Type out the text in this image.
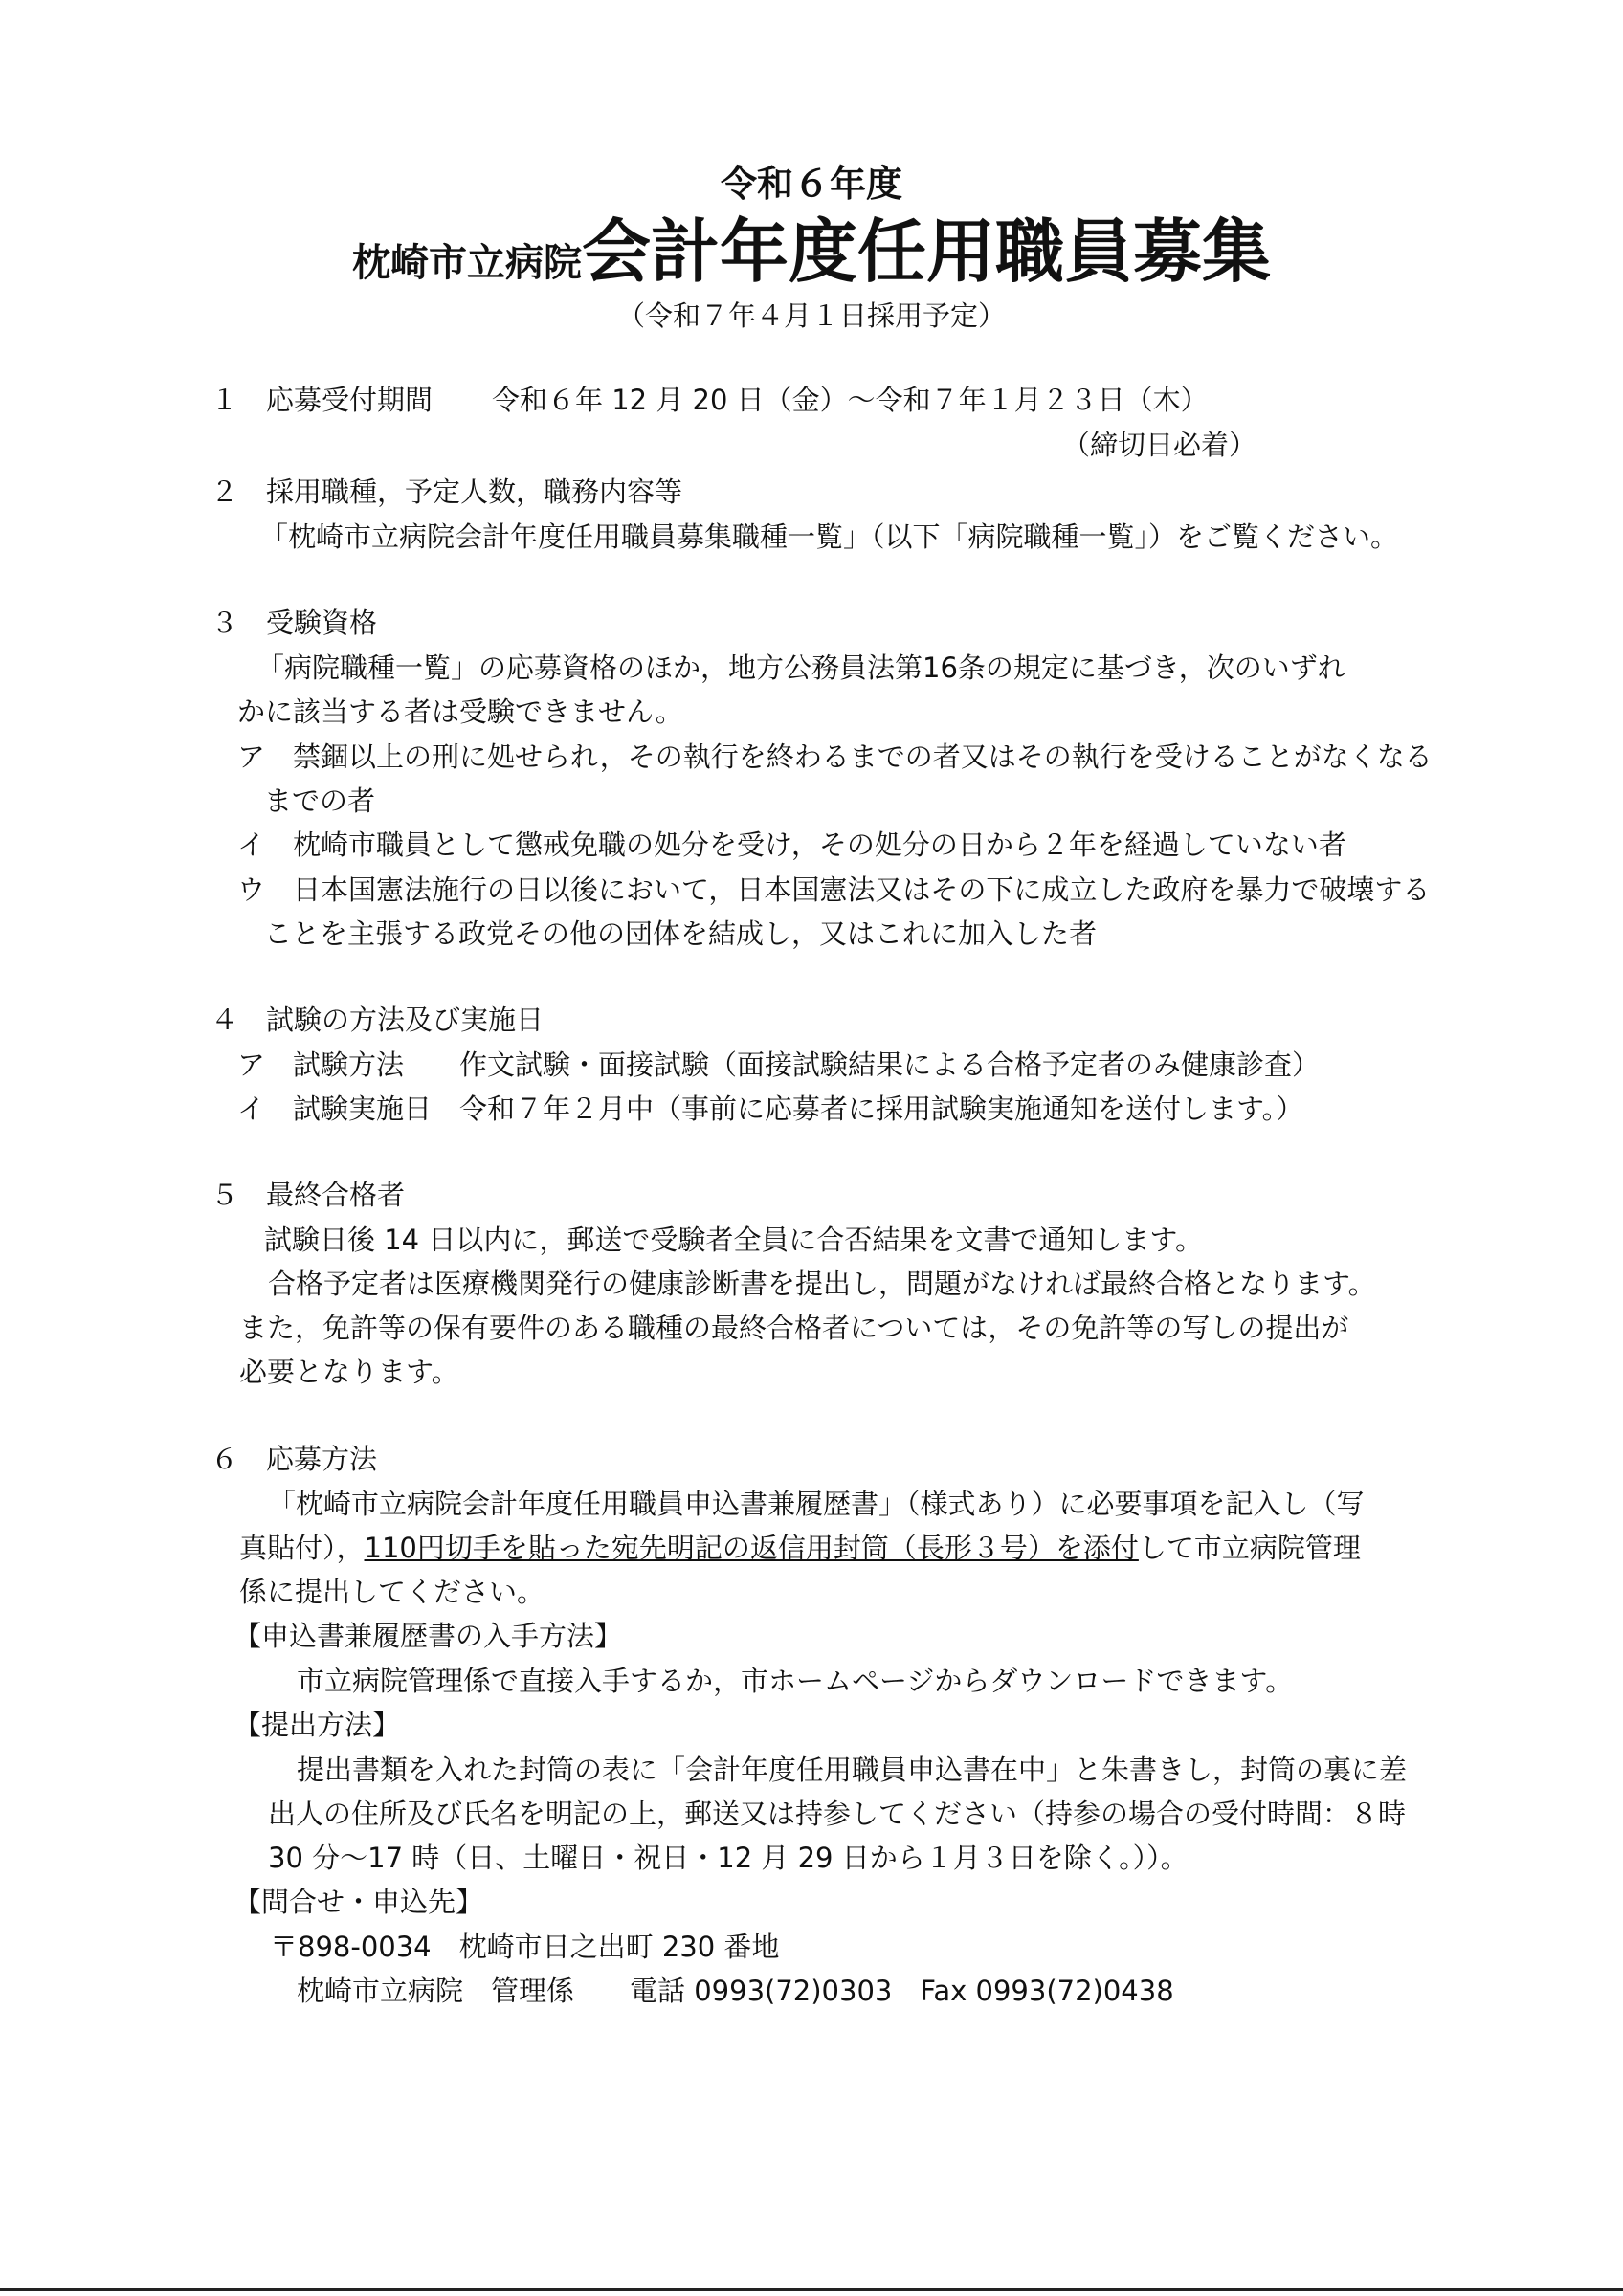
令和６年度
枕崎市立病院会計年度任用職員募集
（令和７年４月１日採用予定）
１　応募受付期間 令和６年 12 月 20 日（金）～令和７年１月２３日（木）
（締切日必着）
２　採用職種，予定人数，職務内容等
「枕崎市立病院会計年度任用職員募集職種一覧」（以下「病院職種一覧」）をご覧ください。
３　受験資格
「病院職種一覧」の応募資格のほか，地方公務員法第16条の規定に基づき，次のいずれ
かに該当する者は受験できません。
ア　禁錮以上の刑に処せられ，その執行を終わるまでの者又はその執行を受けることがなくなる
までの者
イ　枕崎市職員として懲戒免職の処分を受け，その処分の日から２年を経過していない者
ウ　日本国憲法施行の日以後において，日本国憲法又はその下に成立した政府を暴力で破壊する
ことを主張する政党その他の団体を結成し，又はこれに加入した者
４　試験の方法及び実施日
ア　試験方法　　作文試験・面接試験（面接試験結果による合格予定者のみ健康診査）
イ　試験実施日　令和７年２月中（事前に応募者に採用試験実施通知を送付します。）
５　最終合格者
試験日後 14 日以内に，郵送で受験者全員に合否結果を文書で通知します。
合格予定者は医療機関発行の健康診断書を提出し，問題がなければ最終合格となります。
また，免許等の保有要件のある職種の最終合格者については，その免許等の写しの提出が
必要となります。
６　応募方法
「枕崎市立病院会計年度任用職員申込書兼履歴書」（様式あり）に必要事項を記入し（写
真貼付），110円切手を貼った宛先明記の返信用封筒（長形３号）を添付して市立病院管理
係に提出してください。
【申込書兼履歴書の入手方法】
市立病院管理係で直接入手するか，市ホームページからダウンロードできます。
【提出方法】
提出書類を入れた封筒の表に「会計年度任用職員申込書在中」と朱書きし，封筒の裏に差
出人の住所及び氏名を明記の上，郵送又は持参してください（持参の場合の受付時間：８時
30 分～17 時（日、土曜日・祝日・12 月 29 日から１月３日を除く。））。
【問合せ・申込先】
〒898-0034　枕崎市日之出町 230 番地
枕崎市立病院　管理係　　電話 0993(72)0303　Fax 0993(72)0438
